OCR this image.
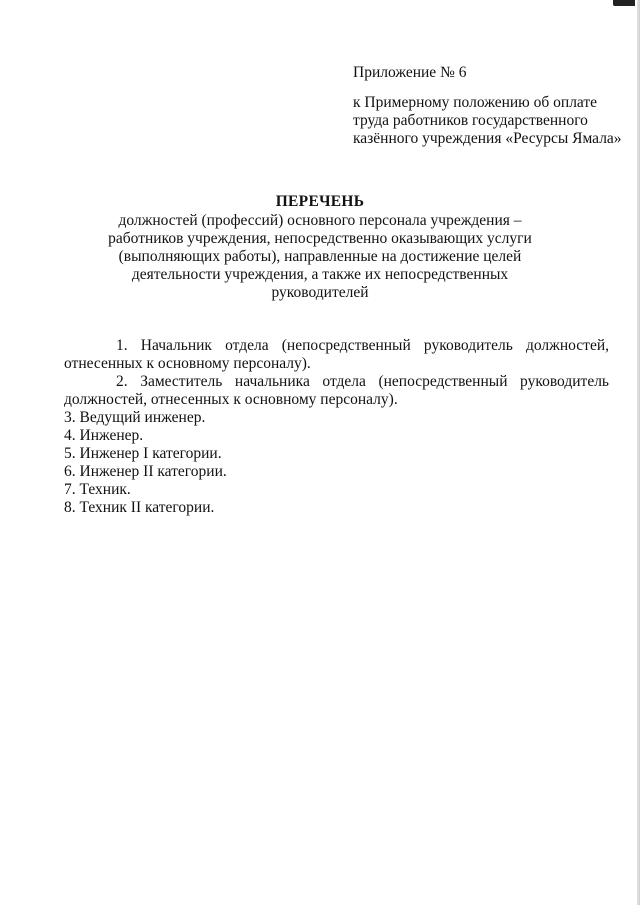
Приложение № 6

к Примерному положению об оплате труда работников государственного казённого учреждения «Ресурсы Ямала»

ПЕРЕЧЕНЬ

должностей (профессий) основного персонала учреждения – работников учреждения, непосредственно оказывающих услуги (выполняющих работы), направленные на достижение целей деятельности учреждения, а также их непосредственных руководителей

1. Начальник отдела (непосредственный руководитель должностей, отнесенных к основному персоналу).
2. Заместитель начальника отдела (непосредственный руководитель должностей, отнесенных к основному персоналу).
3. Ведущий инженер.
4. Инженер.
5. Инженер I категории.
6. Инженер II категории.
7. Техник.
8. Техник II категории.
